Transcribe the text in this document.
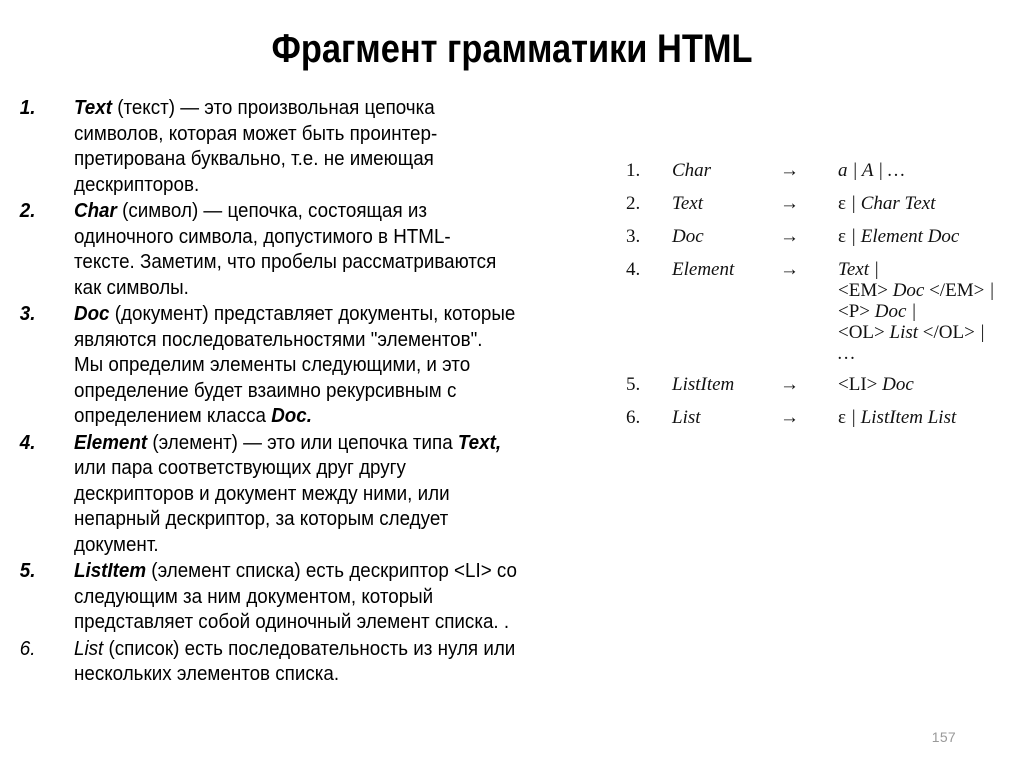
Фрагмент грамматики HTML
1.	Text (текст) — это произвольная цепочка
символов, которая может быть проинтер-
претирована буквально, т.е. не имеющая
дескрипторов.
2.	Char (символ) — цепочка, состоящая из
одиночного символа, допустимого в HTML-
тексте. Заметим, что пробелы рассматриваются
как символы.
3.	Doc (документ) представляет документы, которые
являются последовательностями "элементов".
Мы определим элементы следующими, и это
определение будет взаимно рекурсивным с
определением класса Doc.
4.	Element (элемент) — это или цепочка типа Text,
или пара соответствующих друг другу
дескрипторов и документ между ними, или
непарный дескриптор, за которым следует
документ.
5.	ListItem (элемент списка) есть дескриптор <LI> со
следующим за ним документом, который
представляет собой одиночный элемент списка. .
6.	List (список) есть последовательность из нуля или
нескольких элементов списка.
1.	Char	→	a | A | …
2.	Text	→	ε | Char Text
3.	Doc	→	ε | Element Doc
4.	Element	→	Text |
<EM> Doc </EM> |
<P> Doc |
<OL> List </OL> |
…
5.	ListItem	→	<LI> Doc
6.	List	→	ε | ListItem List
157
